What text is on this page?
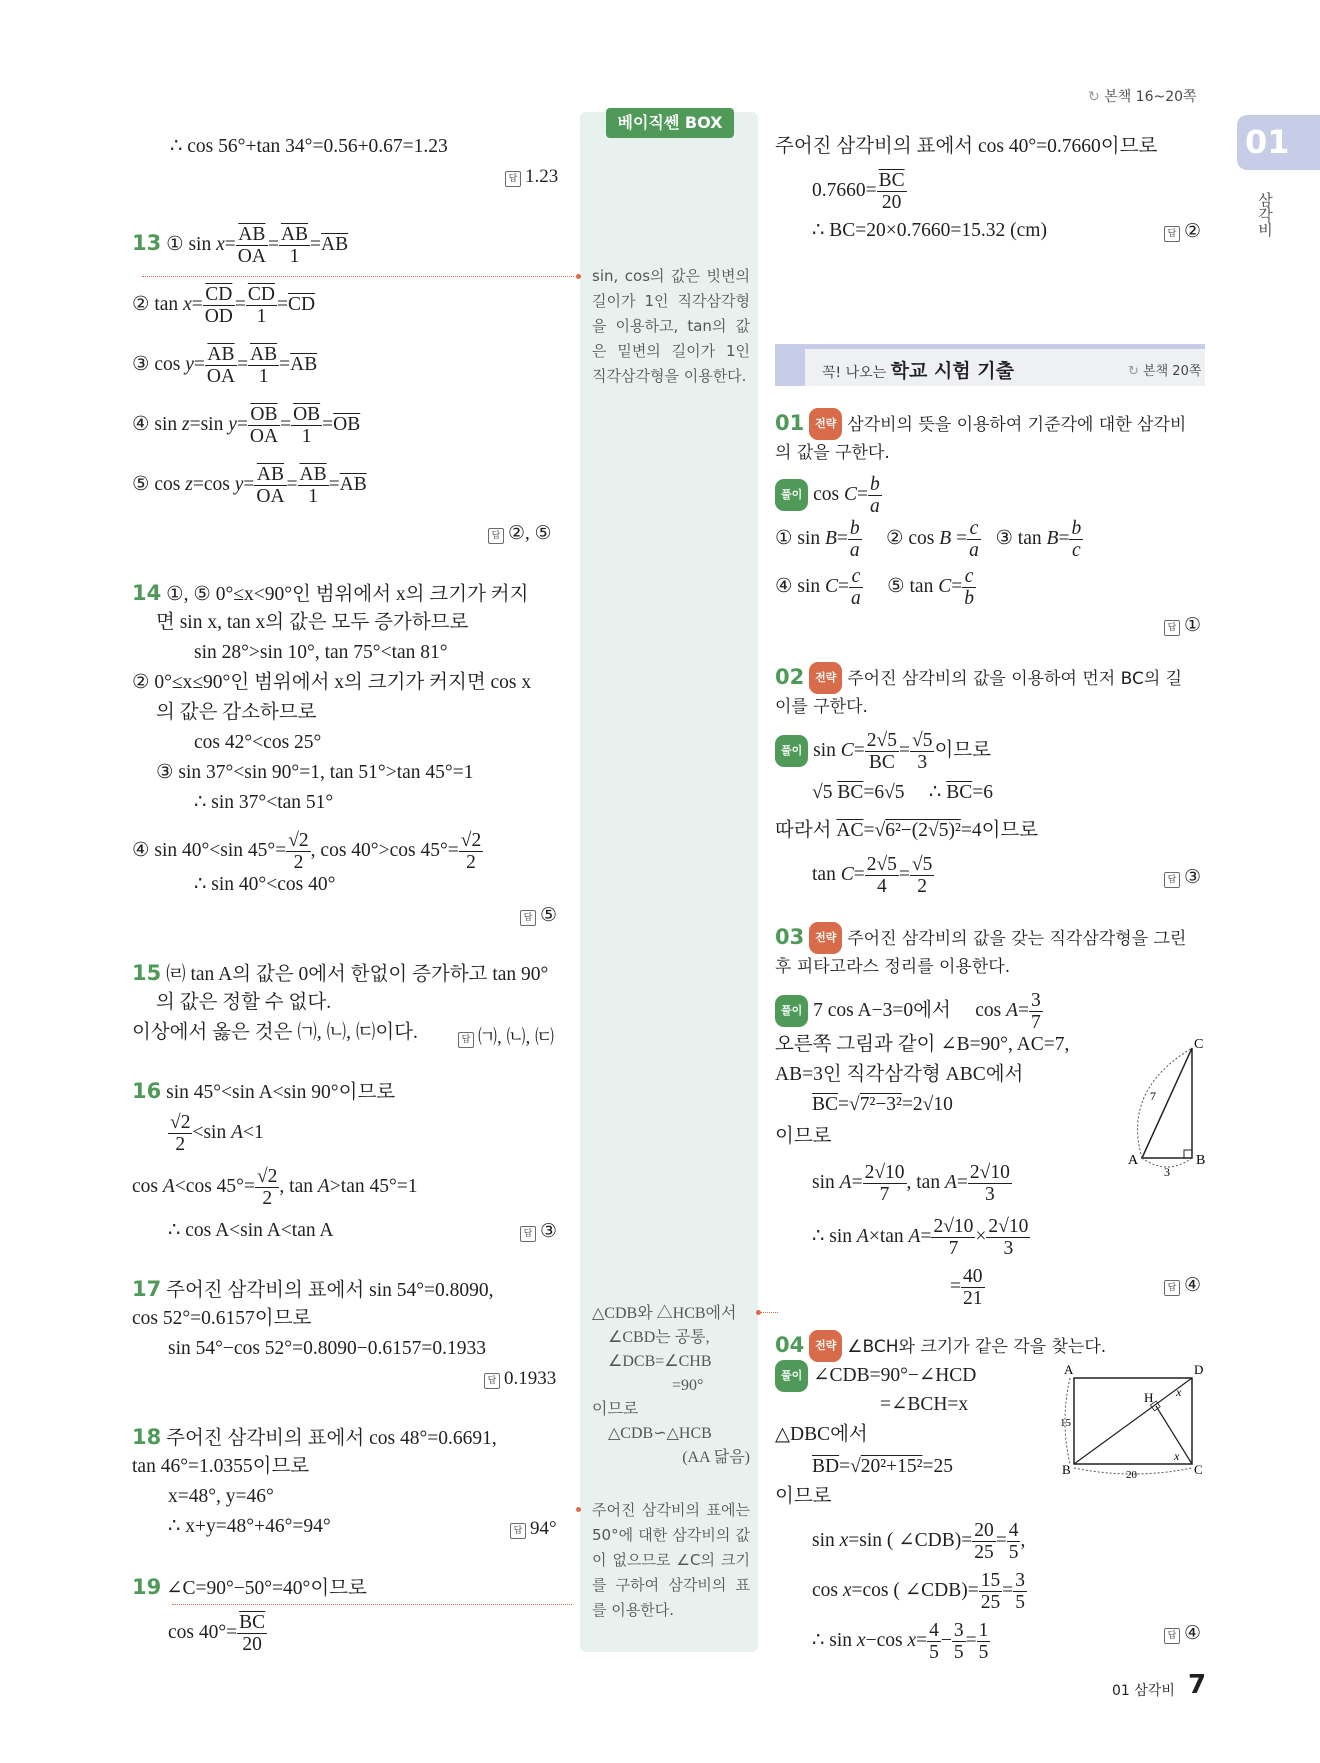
↻ 본책 16~20쪽
01
삼각비
베이직쎈 BOX
sin, cos의 값은 빗변의 길이가 1인 직각삼각형을 이용하고, tan의 값은 밑변의 길이가 1인 직각삼각형을 이용한다.
△CDB와 △HCB에서
∠CBD는 공통,
∠DCB=∠CHB
=90°
이므로
△CDB∽△HCB
(AA 닮음)
주어진 삼각비의 표에는 50°에 대한 삼각비의 값이 없으므로 ∠C의 크기를 구하여 삼각비의 표를 이용한다.
∴ cos 56°+tan 34°=0.56+0.67=1.23
답 1.23
13 ① $\sin x= \frac{\overline{AB}}{OA} = \frac{\overline{AB}}{1} =\overline{AB}$
② $\tan x= \frac{\overline{CD}}{OD} = \frac{\overline{CD}}{1} =\overline{CD}$
③ $\cos y= \frac{\overline{AB}}{OA} = \frac{\overline{AB}}{1} =\overline{AB}$
④ sin z=sin $y= \frac{\overline{OB}}{OA} = \frac{\overline{OB}}{1} =\overline{OB}$
⑤ cos z=cos $y= \frac{\overline{AB}}{OA} = \frac{\overline{AB}}{1} =\overline{AB}$
답 ②, ⑤
14 ①, ⑤ 0°≤x<90°인 범위에서 x의 크기가 커지
면 sin x, tan x의 값은 모두 증가하므로
sin 28°>sin 10°, tan 75°<tan 81°
② 0°≤x≤90°인 범위에서 x의 크기가 커지면 cos x
의 값은 감소하므로
cos 42°<cos 25°
③ sin 37°<sin 90°=1, tan 51°>tan 45°=1
∴ sin 37°<tan 51°
④ sin 40°<sin $45^\circ= \frac{√2}{2}$ , cos 40°>cos $45^\circ= \frac{√2}{2}$
∴ sin 40°<cos 40°
답 ⑤
15 ㈃ tan A의 값은 0에서 한없이 증가하고 tan 90°
의 값은 정할 수 없다.
이상에서 옳은 것은 ㈀, ㈁, ㈂이다.	답 ㈀, ㈁, ㈂
16 sin 45°<sin A<sin 90°이므로
$\frac{√2}{2} <\sin$ A<1
cos A<cos $45^\circ= \frac{√2}{2}$ , tan A>tan 45°=1
∴ cos A<sin A<tan A	답 ③
17 주어진 삼각비의 표에서 sin 54°=0.8090,
cos 52°=0.6157이므로
sin 54°−cos 52°=0.8090−0.6157=0.1933
답 0.1933
18 주어진 삼각비의 표에서 cos 48°=0.6691,
tan 46°=1.0355이므로
x=48°, y=46°
∴ x+y=48°+46°=94°	답 94°
19 ∠C=90°−50°=40°이므로
$\cos 40^\circ= \frac{\overline{BC}}{20}$
주어진 삼각비의 표에서 cos 40°=0.7660이므로
$0.7660= \frac{\overline{BC}}{20}$
∴ BC=20×0.7660=15.32 (cm)	답 ②
꼭! 나오는 학교 시험 기출	↻ 본책 20쪽
01 전략 삼각비의 뜻을 이용하여 기준각에 대한 삼각비
의 값을 구한다.
풀이 $\cos C= \frac{b}{a}$
① $\sin B= \frac{b}{a}$ ② $\cos B = \frac{c}{a}$ ③ $\tan B= \frac{b}{c}$
④ $\sin C= \frac{c}{a}$ ⑤ $\tan C= \frac{c}{b}$
답 ①
02 전략 주어진 삼각비의 값을 이용하여 먼저 BC의 길
이를 구한다.
풀이 $\sin C= \frac{2√5}{BC} = \frac{√5}{3}$ 이므로
√5 $\overline{BC}=6√5$     ∴ $\overline{BC}=6$
따라서 $\overline{AC}=√6^2-(2√5)^2=4$이므로
$\tan C= \frac{2√5}{4} = \frac{√5}{2}$	답 ③
03 전략 주어진 삼각비의 값을 갖는 직각삼각형을 그린
후 피타고라스 정리를 이용한다.
풀이 7 cos A−3=0에서     $\cos A= \frac{3}{7}$
오른쪽 그림과 같이 ∠B=90°, AC=7,
AB=3인 직각삼각형 ABC에서
$\overline{BC}=√7^2-3^2=2√10$
이므로
$\sin A= \frac{2√10}{7}$ , $\tan A= \frac{2√10}{3}$
∴ sin A×tan $A= \frac{2√10}{7} \times \frac{2√10}{3}$
= $\frac{40}{21}$	답 ④
C
A	B
7
3
04 전략 ∠BCH와 크기가 같은 각을 찾는다.
풀이 ∠CDB=90°−∠HCD
=∠BCH=x
△DBC에서
$\overline{BD}=√20^2+15^2=25$
이므로
sin x=sin ( ∠CDB)= $\frac{20}{25} = \frac{4}{5}$ ,
cos x=cos ( ∠CDB)= $\frac{15}{25} = \frac{3}{5}$
∴ sin x−cos $x= \frac{4}{5} - \frac{3}{5} = \frac{1}{5}$	답 ④
A	D
B	C
H x
x
15
20
01 삼각비 7
